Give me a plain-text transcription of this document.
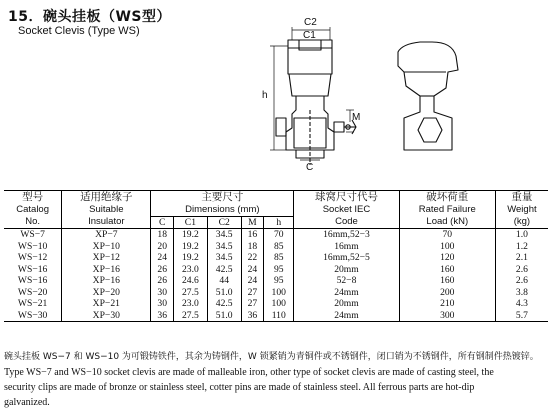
15．碗头挂板（WS型）
Socket Clevis (Type WS)
C2
C1
h
M
C
型号	适用绝缘子	主要尺寸					球窝尺寸代号	破坏荷重	重量
Catalog	Suitable	Dimensions (mm)					Socket IEC	Rated Failure	Weight
No.	Insulator	C	C1	C2	M	h	Code	Load (kN)	(kg)
WS−7	XP−7	18	19.2	34.5	16	70	16mm,52−3	70	1.0
WS−10	XP−10	20	19.2	34.5	18	85	16mm	100	1.2
WS−12	XP−12	24	19.2	34.5	22	85	16mm,52−5	120	2.1
WS−16	XP−16	26	23.0	42.5	24	95	20mm	160	2.6
WS−16	XP−16	26	24.6	44	24	95	52−8	160	2.6
WS−20	XP−20	30	27.5	51.0	27	100	24mm	200	3.8
WS−21	XP−21	30	23.0	42.5	27	100	20mm	210	4.3
WS−30	XP−30	36	27.5	51.0	36	110	24mm	300	5.7
碗头挂板 WS−7 和 WS−10 为可锻铸铁件，其余为铸钢件，W 锁紧销为青铜件或不锈钢件，闭口销为不锈钢件，所有钢制件热镀锌。
Type WS−7 and WS−10 socket clevis are made of malleable iron, other type of socket clevis are made of casting steel, the
security clips are made of bronze or stainless steel, cotter pins are made of stainless steel. All ferrous parts are hot-dip
galvanized.
